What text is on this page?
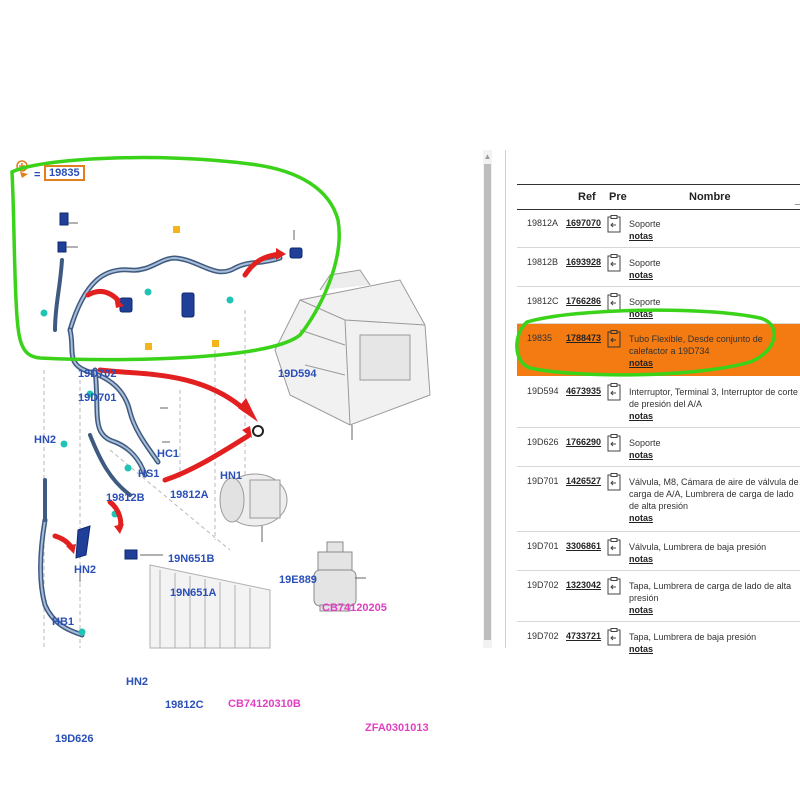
= 19835
19D702
19D701
19D594
HN2
HC1
HS1	HN1
19812B 19812A
19N651B
HN2
19N651A
19E889
HB1
CB74120205
HN2
19812C CB74120310B
19D626
ZFA0301013
▲
Ref Pre	Nombre
19812A 1697070	Soporte
notas
19812B 1693928	Soporte
notas
19812C 1766286	Soporte
notas
19835 1788473	Tubo Flexible, Desde conjunto de calefactor a 19D734
notas
19D594 4673935	Interruptor, Terminal 3, Interruptor de corte de presión del A/A
notas
19D626 1766290	Soporte
notas
19D701 1426527	Válvula, M8, Cámara de aire de válvula de carga de A/A, Lumbrera de carga de lado de alta presión
notas
19D701 3306861	Válvula, Lumbrera de baja presión
notas
19D702 1323042	Tapa, Lumbrera de carga de lado de alta presión
notas
19D702 4733721	Tapa, Lumbrera de baja presión
notas
